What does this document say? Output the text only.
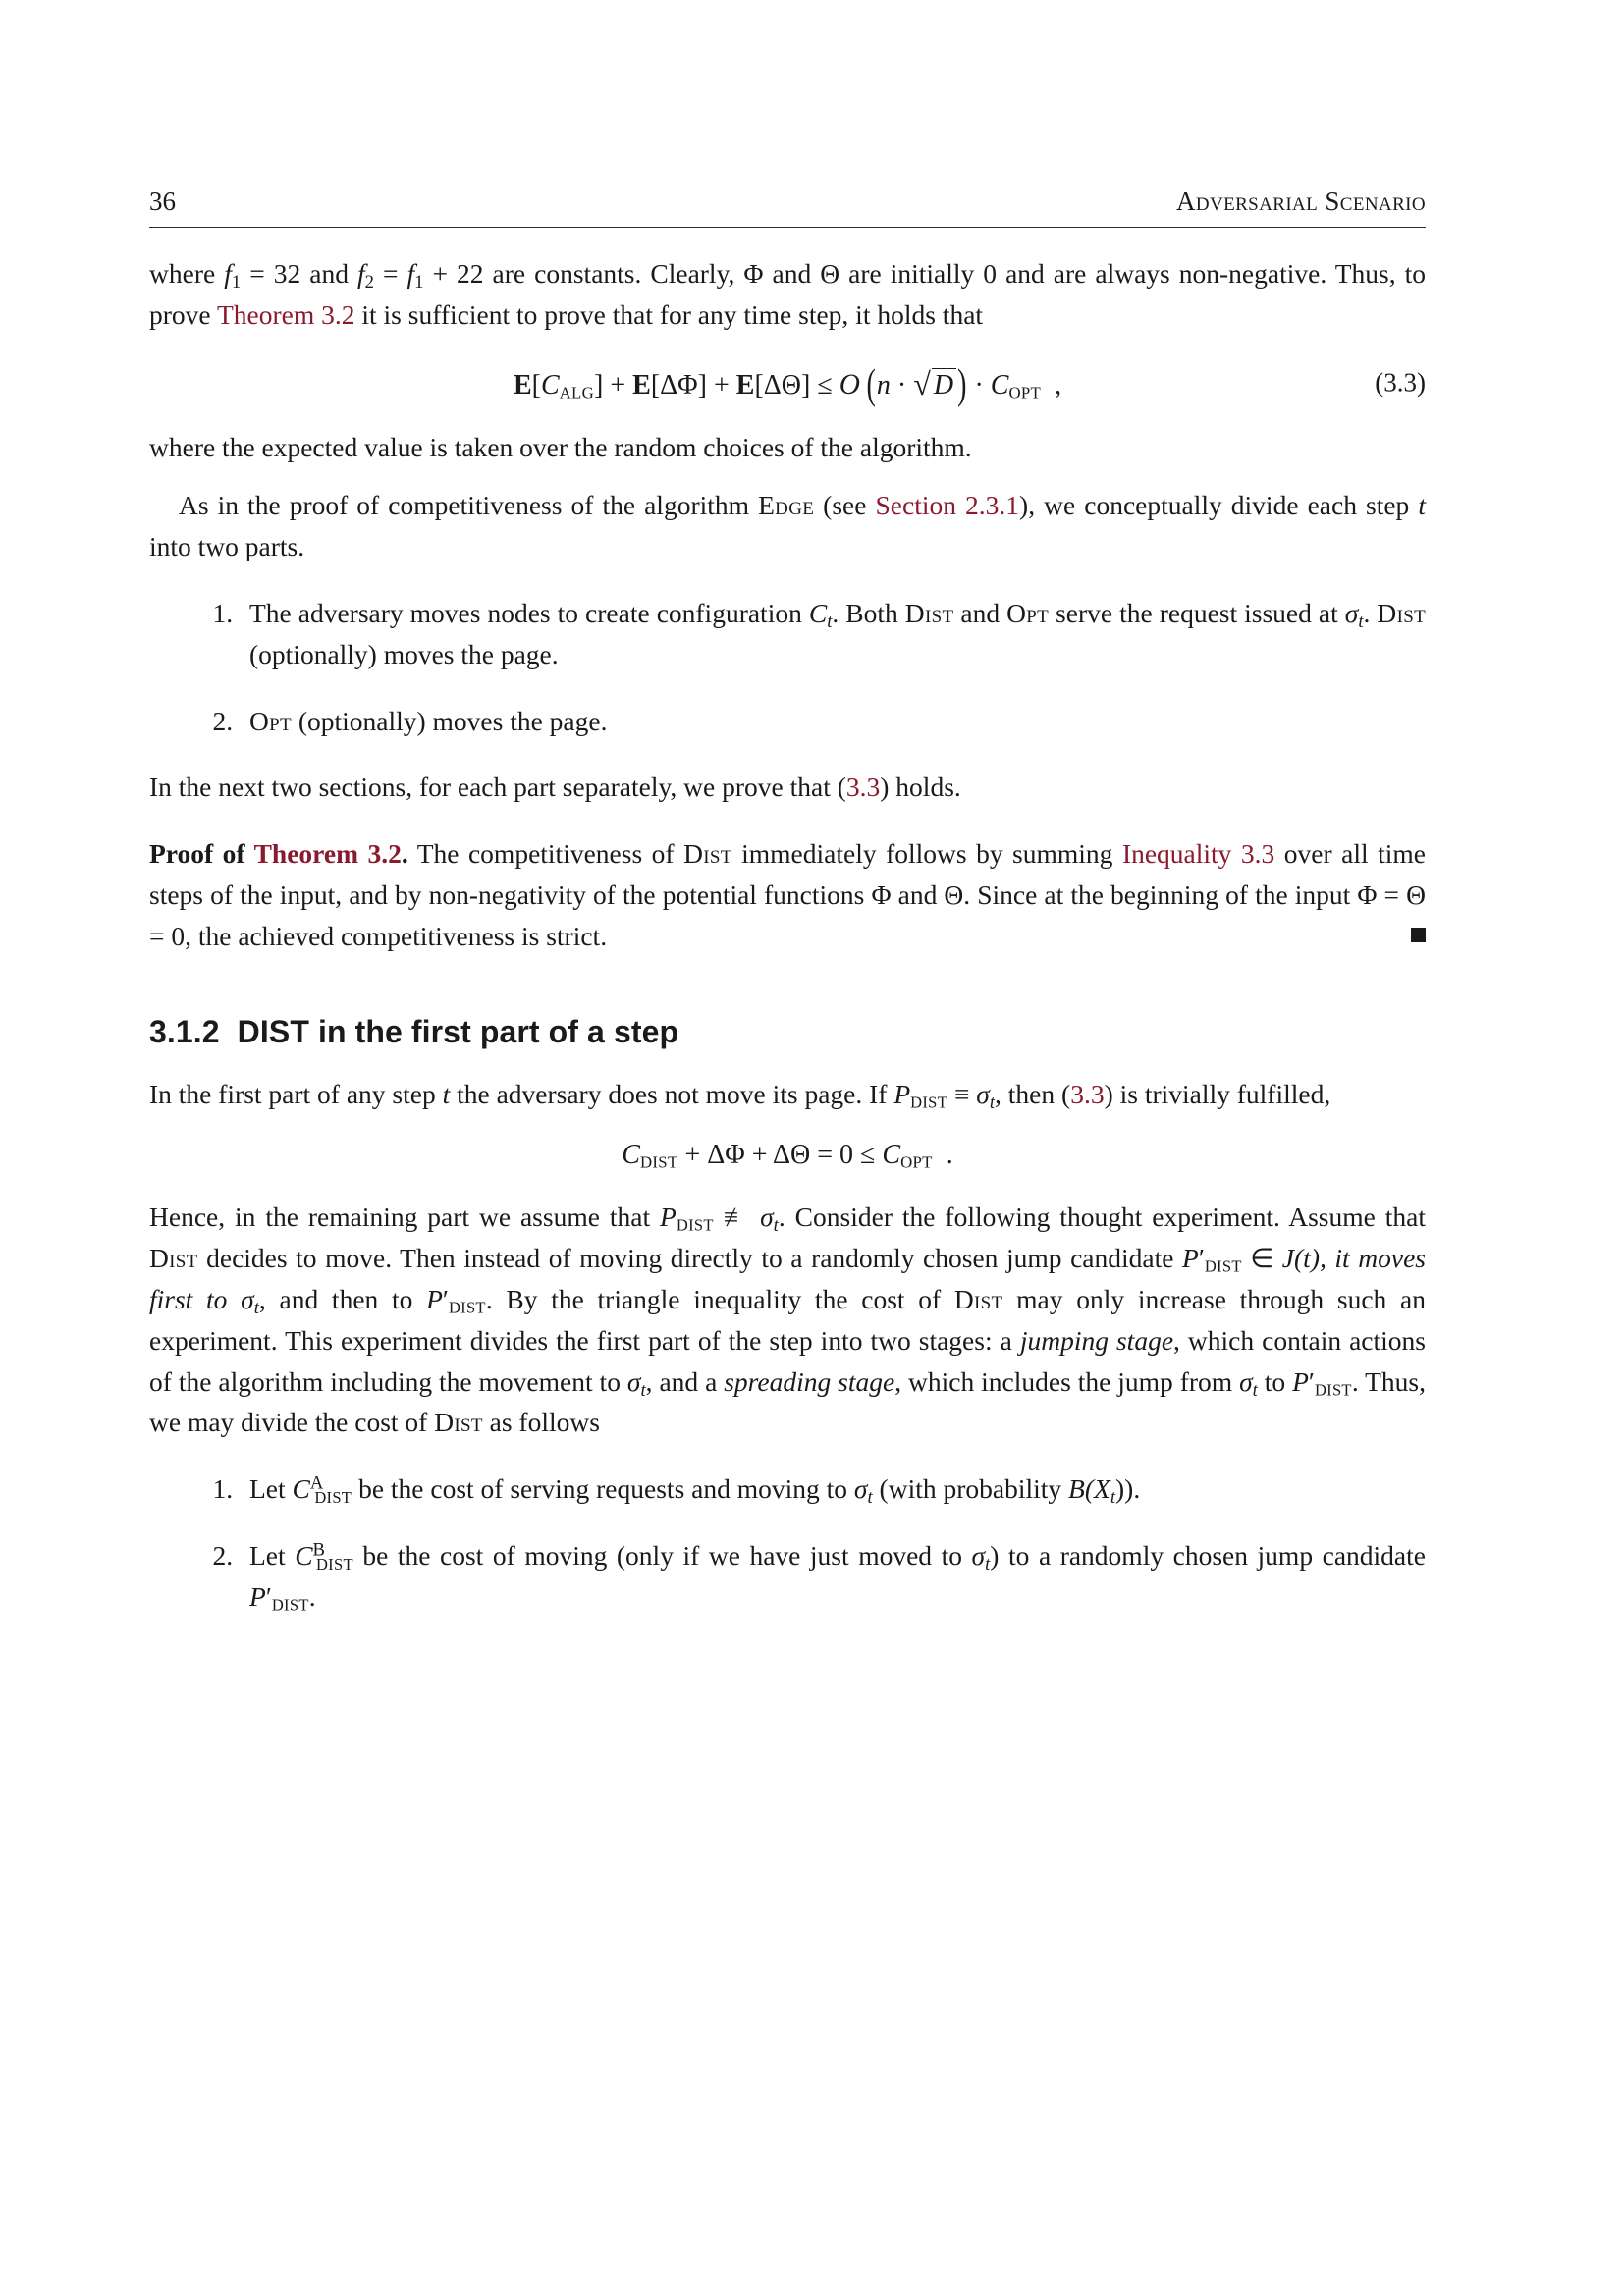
36	Adversarial Scenario

where $f_1 = 32$ and $f_2 = f_1 + 22$ are constants. Clearly, Φ and Θ are initially 0 and are always non-negative. Thus, to prove Theorem 3.2 it is sufficient to prove that for any time step, it holds that

E[CALG] + E[ΔΦ] + E[ΔΘ] ≤ O  (n · √ D ) · COPT  ,	(3.3)

where the expected value is taken over the random choices of the algorithm.

As in the proof of competitiveness of the algorithm Edge (see Section 2.3.1), we conceptually divide each step t into two parts.

1. The adversary moves nodes to create configuration $C_t$. Both Dist and Opt serve the request issued at $\sigma_t$. Dist (optionally) moves the page.
2. Opt (optionally) moves the page.

In the next two sections, for each part separately, we prove that (3.3) holds.

Proof of Theorem 3.2. The competitiveness of Dist immediately follows by summing Inequality 3.3 over all time steps of the input, and by non-negativity of the potential functions Φ and Θ. Since at the beginning of the input Φ = Θ = 0, the achieved competitiveness is strict.

3.1.2 DIST in the first part of a step

In the first part of any step t the adversary does not move its page. If PDIST ≡ $\sigma_t$, then (3.3) is trivially fulfilled,

CDIST + ΔΦ + ΔΘ = 0 ≤ COPT  .

Hence, in the remaining part we assume that PDIST ≢ $\sigma_t$. Consider the following thought experiment. Assume that Dist decides to move. Then instead of moving directly to a randomly chosen jump candidate P′DIST ∈ J(t), it moves first to $\sigma_t$, and then to P′DIST. By the triangle inequality the cost of Dist may only increase through such an experiment. This experiment divides the first part of the step into two stages: a jumping stage, which contain actions of the algorithm including the movement to $\sigma_t$, and a spreading stage, which includes the jump from $\sigma_t$ to P′DIST. Thus, we may divide the cost of Dist as follows

1. Let $C^ADIST$ be the cost of serving requests and moving to $\sigma_t$ (with probability $B(X_t)$).
2. Let $C^BDIST$ be the cost of moving (only if we have just moved to $\sigma_t$) to a randomly chosen jump candidate P′DIST.
